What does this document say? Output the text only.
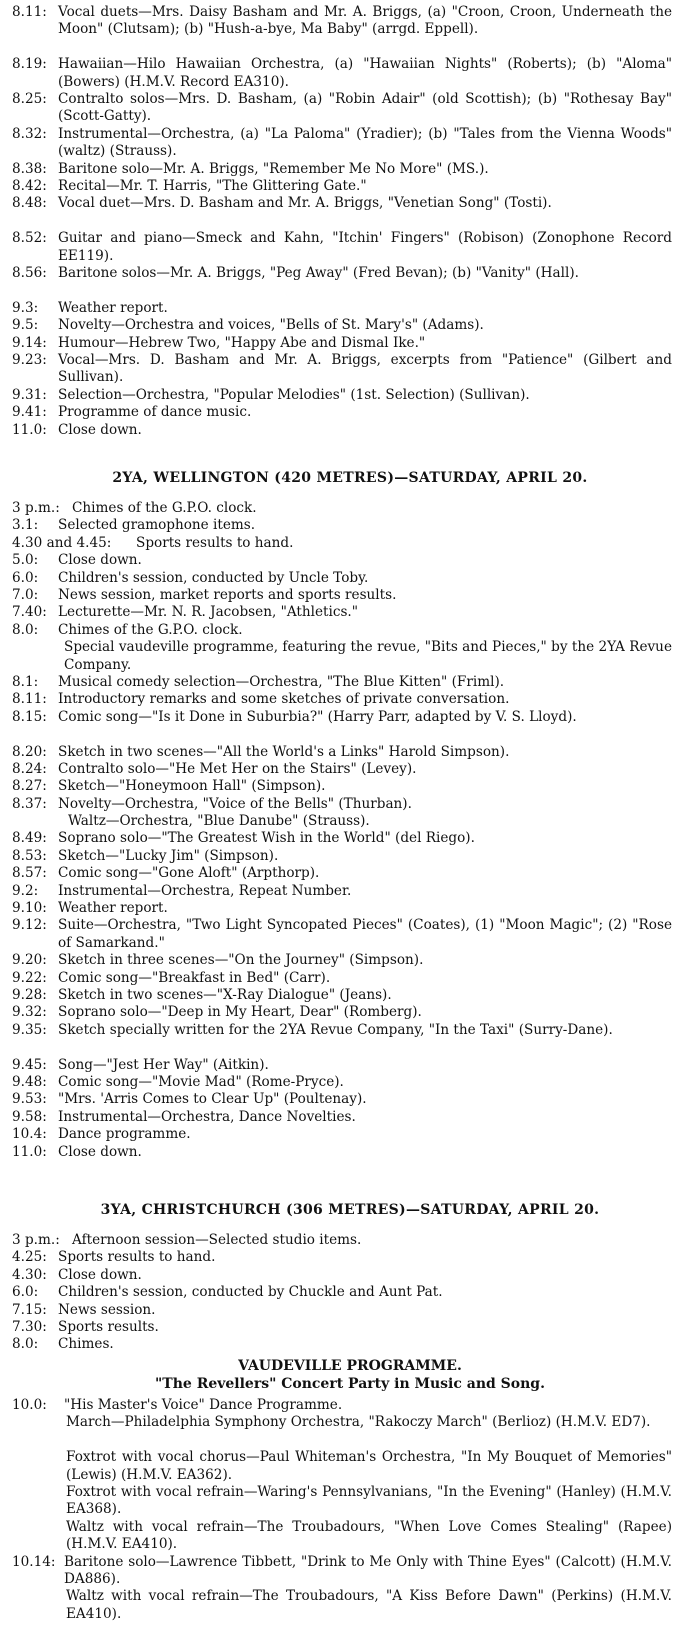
8.11: Vocal duets—Mrs. Daisy Basham and Mr. A. Briggs, (a) "Croon, Croon, Underneath the Moon" (Clutsam); (b) "Hush-a-bye, Ma Baby" (arrgd. Eppell).
8.19: Hawaiian—Hilo Hawaiian Orchestra, (a) "Hawaiian Nights" (Roberts); (b) "Aloma" (Bowers) (H.M.V. Record EA310).
8.25: Contralto solos—Mrs. D. Basham, (a) "Robin Adair" (old Scottish); (b) "Rothesay Bay" (Scott-Gatty).
8.32: Instrumental—Orchestra, (a) "La Paloma" (Yradier); (b) "Tales from the Vienna Woods" (waltz) (Strauss).
8.38: Baritone solo—Mr. A. Briggs, "Remember Me No More" (MS.).
8.42: Recital—Mr. T. Harris, "The Glittering Gate."
8.48: Vocal duet—Mrs. D. Basham and Mr. A. Briggs, "Venetian Song" (Tosti).
8.52: Guitar and piano—Smeck and Kahn, "Itchin' Fingers" (Robison) (Zonophone Record EE119).
8.56: Baritone solos—Mr. A. Briggs, "Peg Away" (Fred Bevan); (b) "Vanity" (Hall).
9.3: Weather report.
9.5: Novelty—Orchestra and voices, "Bells of St. Mary's" (Adams).
9.14: Humour—Hebrew Two, "Happy Abe and Dismal Ike."
9.23: Vocal—Mrs. D. Basham and Mr. A. Briggs, excerpts from "Patience" (Gilbert and Sullivan).
9.31: Selection—Orchestra, "Popular Melodies" (1st. Selection) (Sullivan).
9.41: Programme of dance music.
11.0: Close down.
2YA, WELLINGTON (420 METRES)—SATURDAY, APRIL 20.
3 p.m.: Chimes of the G.P.O. clock.
3.1: Selected gramophone items.
4.30 and 4.45: Sports results to hand.
5.0: Close down.
6.0: Children's session, conducted by Uncle Toby.
7.0: News session, market reports and sports results.
7.40: Lecturette—Mr. N. R. Jacobsen, "Athletics."
8.0: Chimes of the G.P.O. clock.
Special vaudeville programme, featuring the revue, "Bits and Pieces," by the 2YA Revue Company.
8.1: Musical comedy selection—Orchestra, "The Blue Kitten" (Friml).
8.11: Introductory remarks and some sketches of private conversation.
8.15: Comic song—"Is it Done in Suburbia?" (Harry Parr, adapted by V. S. Lloyd).
8.20: Sketch in two scenes—"All the World's a Links" Harold Simpson).
8.24: Contralto solo—"He Met Her on the Stairs" (Levey).
8.27: Sketch—"Honeymoon Hall" (Simpson).
8.37: Novelty—Orchestra, "Voice of the Bells" (Thurban).
Waltz—Orchestra, "Blue Danube" (Strauss).
8.49: Soprano solo—"The Greatest Wish in the World" (del Riego).
8.53: Sketch—"Lucky Jim" (Simpson).
8.57: Comic song—"Gone Aloft" (Arpthorp).
9.2: Instrumental—Orchestra, Repeat Number.
9.10: Weather report.
9.12: Suite—Orchestra, "Two Light Syncopated Pieces" (Coates), (1) "Moon Magic"; (2) "Rose of Samarkand."
9.20: Sketch in three scenes—"On the Journey" (Simpson).
9.22: Comic song—"Breakfast in Bed" (Carr).
9.28: Sketch in two scenes—"X-Ray Dialogue" (Jeans).
9.32: Soprano solo—"Deep in My Heart, Dear" (Romberg).
9.35: Sketch specially written for the 2YA Revue Company, "In the Taxi" (Surry-Dane).
9.45: Song—"Jest Her Way" (Aitkin).
9.48: Comic song—"Movie Mad" (Rome-Pryce).
9.53: "Mrs. 'Arris Comes to Clear Up" (Poultenay).
9.58: Instrumental—Orchestra, Dance Novelties.
10.4: Dance programme.
11.0: Close down.
3YA, CHRISTCHURCH (306 METRES)—SATURDAY, APRIL 20.
3 p.m.: Afternoon session—Selected studio items.
4.25: Sports results to hand.
4.30: Close down.
6.0: Children's session, conducted by Chuckle and Aunt Pat.
7.15: News session.
7.30: Sports results.
8.0: Chimes.
VAUDEVILLE PROGRAMME.
"The Revellers" Concert Party in Music and Song.
10.0: "His Master's Voice" Dance Programme.
March—Philadelphia Symphony Orchestra, "Rakoczy March" (Berlioz) (H.M.V. ED7).
Foxtrot with vocal chorus—Paul Whiteman's Orchestra, "In My Bouquet of Memories" (Lewis) (H.M.V. EA362).
Foxtrot with vocal refrain—Waring's Pennsylvanians, "In the Evening" (Hanley) (H.M.V. EA368).
Waltz with vocal refrain—The Troubadours, "When Love Comes Stealing" (Rapee) (H.M.V. EA410).
10.14: Baritone solo—Lawrence Tibbett, "Drink to Me Only with Thine Eyes" (Calcott) (H.M.V. DA886).
Waltz with vocal refrain—The Troubadours, "A Kiss Before Dawn" (Perkins) (H.M.V. EA410).
